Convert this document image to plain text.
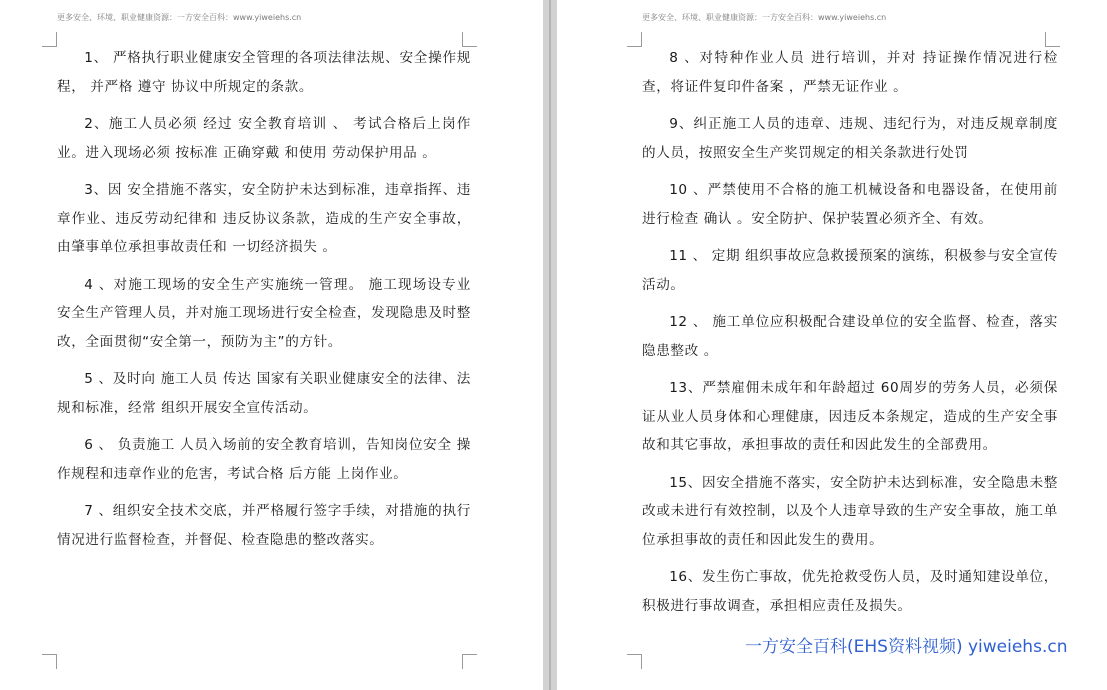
更多安全、环境、职业健康资源：一方安全百科：www.yiweiehs.cn

1、 严格执行职业健康安全管理的各项法律法规、安全操作规程， 并严格 遵守 协议中所规定的条款。

2、施工人员必须 经过 安全教育培训 、 考试合格后上岗作业。进入现场必须 按标准 正确穿戴 和使用 劳动保护用品 。

3、因 安全措施不落实，安全防护未达到标准，违章指挥、违章作业、违反劳动纪律和 违反协议条款，造成的生产安全事故，由肇事单位承担事故责任和 一切经济损失 。

4 、对施工现场的安全生产实施统一管理。 施工现场设专业安全生产管理人员，并对施工现场进行安全检查，发现隐患及时整改，全面贯彻“安全第一，预防为主”的方针。

5 、及时向 施工人员 传达 国家有关职业健康安全的法律、法规和标准，经常 组织开展安全宣传活动。

6 、 负责施工 人员入场前的安全教育培训，告知岗位安全 操作规程和违章作业的危害，考试合格 后方能 上岗作业。

7 、组织安全技术交底，并严格履行签字手续，对措施的执行情况进行监督检查，并督促、检查隐患的整改落实。

更多安全、环境、职业健康资源：一方安全百科：www.yiweiehs.cn

8 、对特种作业人员 进行培训，并对 持证操作情况进行检查，将证件复印件备案 ，严禁无证作业 。

9、纠正施工人员的违章、违规、违纪行为，对违反规章制度的人员，按照安全生产奖罚规定的相关条款进行处罚

10 、严禁使用不合格的施工机械设备和电器设备，在使用前进行检查 确认 。安全防护、保护装置必须齐全、有效。

11 、 定期 组织事故应急救援预案的演练，积极参与安全宣传活动。

12 、 施工单位应积极配合建设单位的安全监督、检查，落实隐患整改 。

13、严禁雇佣未成年和年龄超过 60周岁的劳务人员，必须保证从业人员身体和心理健康，因违反本条规定，造成的生产安全事故和其它事故，承担事故的责任和因此发生的全部费用。

15、因安全措施不落实，安全防护未达到标准，安全隐患未整改或未进行有效控制，以及个人违章导致的生产安全事故，施工单位承担事故的责任和因此发生的费用。

16、发生伤亡事故，优先抢救受伤人员，及时通知建设单位，积极进行事故调查，承担相应责任及损失。

一方安全百科(EHS资料视频) yiweiehs.cn
